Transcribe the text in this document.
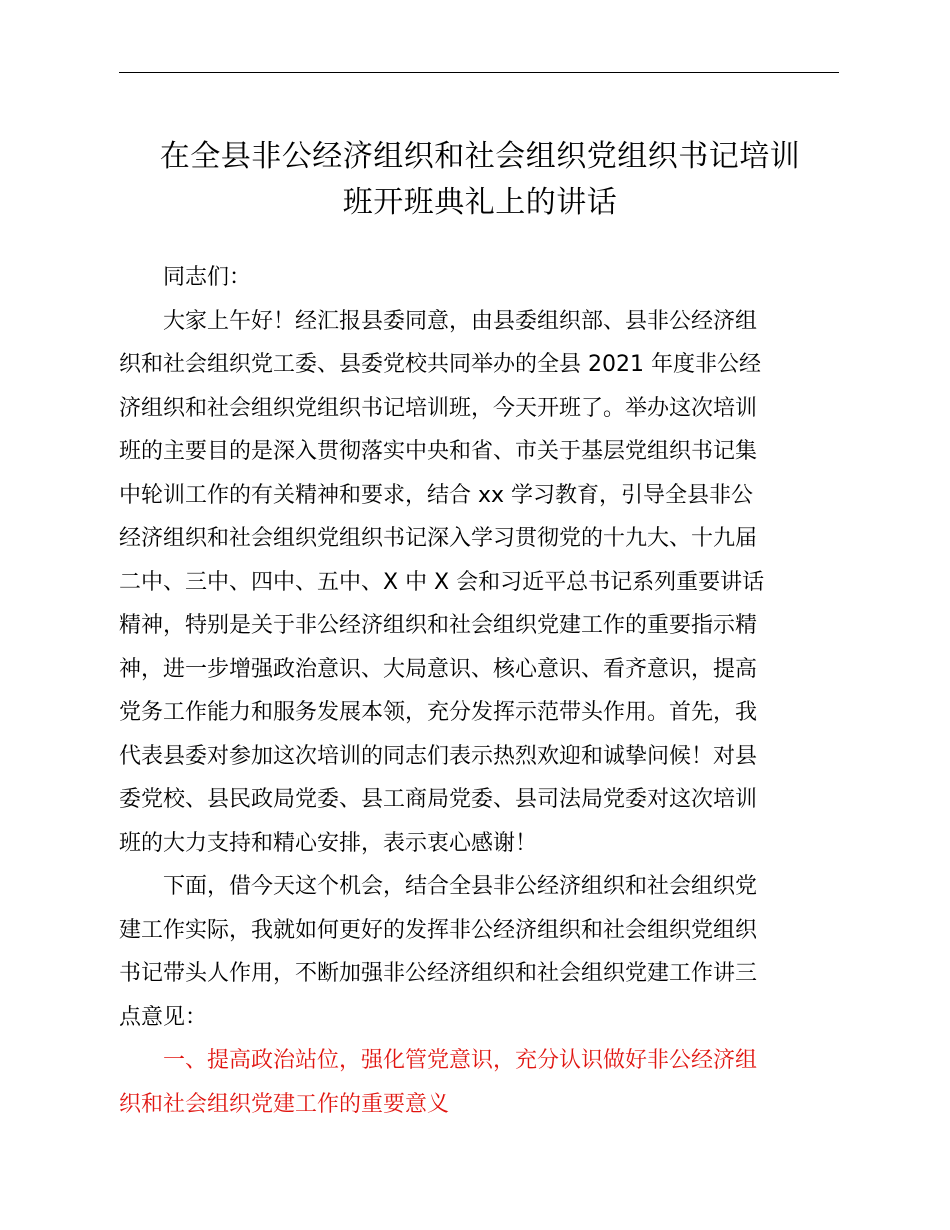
在全县非公经济组织和社会组织党组织书记培训
班开班典礼上的讲话

同志们：

大家上午好！经汇报县委同意，由县委组织部、县非公经济组
织和社会组织党工委、县委党校共同举办的全县 2021 年度非公经
济组织和社会组织党组织书记培训班，今天开班了。举办这次培训
班的主要目的是深入贯彻落实中央和省、市关于基层党组织书记集
中轮训工作的有关精神和要求，结合 xx 学习教育，引导全县非公
经济组织和社会组织党组织书记深入学习贯彻党的十九大、十九届
二中、三中、四中、五中、X 中 X 会和习近平总书记系列重要讲话
精神，特别是关于非公经济组织和社会组织党建工作的重要指示精
神，进一步增强政治意识、大局意识、核心意识、看齐意识，提高
党务工作能力和服务发展本领，充分发挥示范带头作用。首先，我
代表县委对参加这次培训的同志们表示热烈欢迎和诚挚问候！对县
委党校、县民政局党委、县工商局党委、县司法局党委对这次培训
班的大力支持和精心安排，表示衷心感谢！

下面，借今天这个机会，结合全县非公经济组织和社会组织党
建工作实际，我就如何更好的发挥非公经济组织和社会组织党组织
书记带头人作用，不断加强非公经济组织和社会组织党建工作讲三
点意见：

一、提高政治站位，强化管党意识，充分认识做好非公经济组
织和社会组织党建工作的重要意义
